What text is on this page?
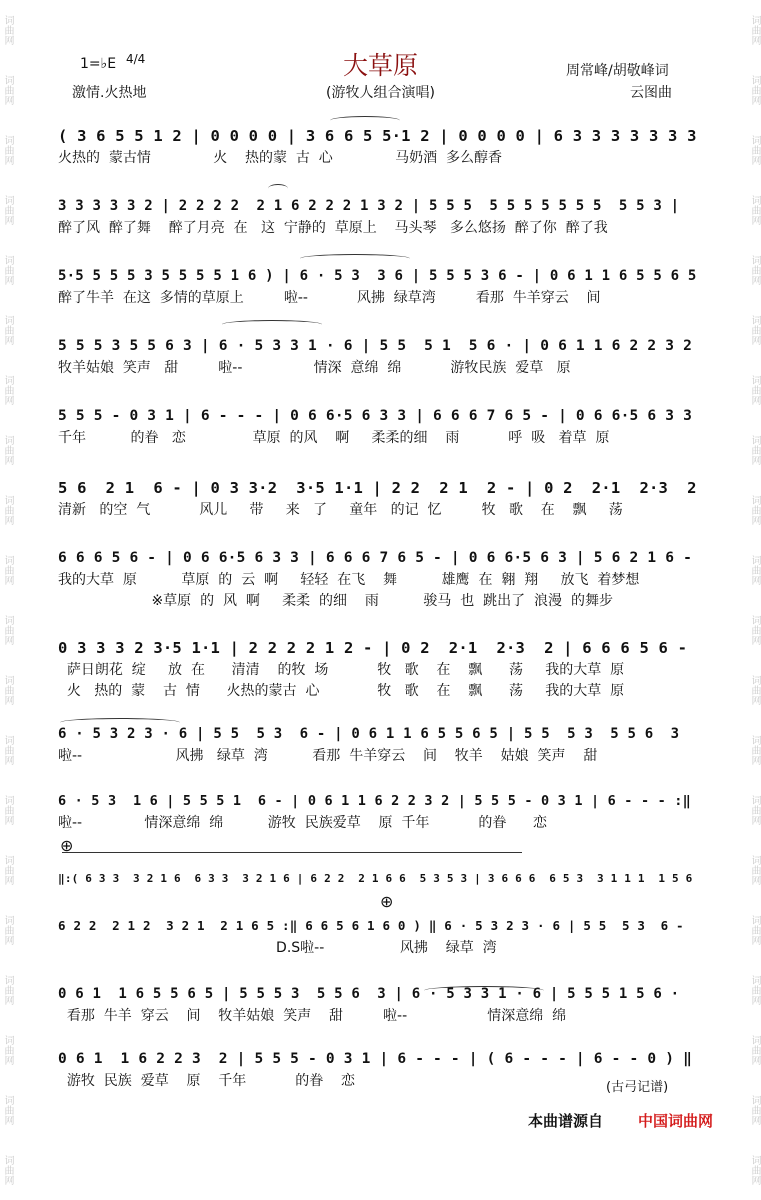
词曲网
词曲网
词曲网
词曲网
词曲网
词曲网
词曲网
词曲网
词曲网
词曲网
词曲网
词曲网
词曲网
词曲网
词曲网
词曲网
词曲网
词曲网
词曲网
词曲网
词曲网
词曲网
词曲网
词曲网
词曲网
词曲网
词曲网
词曲网
词曲网
词曲网
词曲网
词曲网
词曲网
词曲网
词曲网
词曲网
词曲网
词曲网
词曲网
词曲网
1=♭E 4/4
激情.火热地
大草原
(游牧人组合演唱)
周常峰/胡敬峰词
云图曲
( 3 6 5 5 1 2 | 0 0 0 0 | 3 6 6 5 5·1 2 | 0 0 0 0 | 6 3 3 3 3 3 3 3
火热的  蒙古情              火    热的蒙  古  心              马奶酒  多么醇香
3 3 3 3 3 2 | 2 2 2 2  2 1 6 2 2 2 1 3 2 | 5 5 5  5 5 5 5 5 5 5  5 5 3 |
醉了风  醉了舞    醉了月亮  在   这  宁静的  草原上    马头琴   多么悠扬  醉了你  醉了我
5·5 5 5 5 3 5 5 5 5 1 6 ) | 6 · 5 3  3 6 | 5 5 5 3 6 - | 0 6 1 1 6 5 5 6 5
醉了牛羊  在这  多情的草原上         啦--           风拂  绿草湾         看那  牛羊穿云    间
5 5 5 3 5 5 6 3 | 6 · 5 3 3 1 · 6 | 5 5  5 1  5 6 · | 0 6 1 1 6 2 2 3 2
牧羊姑娘  笑声   甜         啦--                情深  意绵  绵           游牧民族  爱草   原
5 5 5 - 0 3 1 | 6 - - - | 0 6 6·5 6 3 3 | 6 6 6 7 6 5 - | 0 6 6·5 6 3 3
千年          的眷   恋               草原  的风    啊     柔柔的细    雨           呼  吸   着草  原
5 6  2 1  6 - | 0 3 3·2  3·5 1·1 | 2 2  2 1  2 - | 0 2  2·1  2·3  2
清新   的空  气           风儿     带     来   了     童年   的记  忆         牧   歌    在    飘     荡
6 6 6 5 6 - | 0 6 6·5 6 3 3 | 6 6 6 7 6 5 - | 0 6 6·5 6 3 | 5 6 2 1 6 -
我的大草  原          草原  的  云  啊     轻轻  在飞    舞          雄鹰  在  翱  翔     放飞  着梦想
※草原  的  风  啊     柔柔  的细    雨          骏马  也  跳出了  浪漫  的舞步
0 3 3 3 2 3·5 1·1 | 2 2 2 2 1 2 - | 0 2  2·1  2·3  2 | 6 6 6 5 6 -
萨日朗花  绽     放  在      清清    的牧  场           牧   歌    在    飘      荡     我的大草  原
火   热的  蒙    古  情      火热的蒙古  心             牧   歌    在    飘      荡     我的大草  原
6 · 5 3 2 3 · 6 | 5 5  5 3  6 - | 0 6 1 1 6 5 5 6 5 | 5 5  5 3  5 5 6  3
啦--                     风拂   绿草  湾          看那  牛羊穿云    间    牧羊    姑娘  笑声    甜
6 · 5 3  1 6 | 5 5 5 1  6 - | 0 6 1 1 6 2 2 3 2 | 5 5 5 - 0 3 1 | 6 - - - :‖
啦--              情深意绵  绵          游牧  民族爱草    原  千年           的眷      恋
‖:( 6 3 3  3 2 1 6  6 3 3  3 2 1 6 | 6 2 2  2 1 6 6  5 3 5 3 | 3 6 6 6  6 5 3  3 1 1 1  1 5 6
6 2 2  2 1 2  3 2 1  2 1 6 5 :‖ 6 6 5 6 1 6 0 ) ‖ 6 · 5 3 2 3 · 6 | 5 5  5 3  6 -
D.S啦--                 风拂    绿草  湾
0 6 1  1 6 5 5 6 5 | 5 5 5 3  5 5 6  3 | 6 · 5 3 3 1 · 6 | 5 5 5 1 5 6 ·
看那  牛羊  穿云    间    牧羊姑娘  笑声    甜         啦--                  情深意绵  绵
0 6 1  1 6 2 2 3  2 | 5 5 5 - 0 3 1 | 6 - - - | ( 6 - - - | 6 - - 0 ) ‖
游牧  民族  爱草    原    千年           的眷    恋
⊕
⊕
(古弓记谱)
本曲谱源自 中国词曲网
